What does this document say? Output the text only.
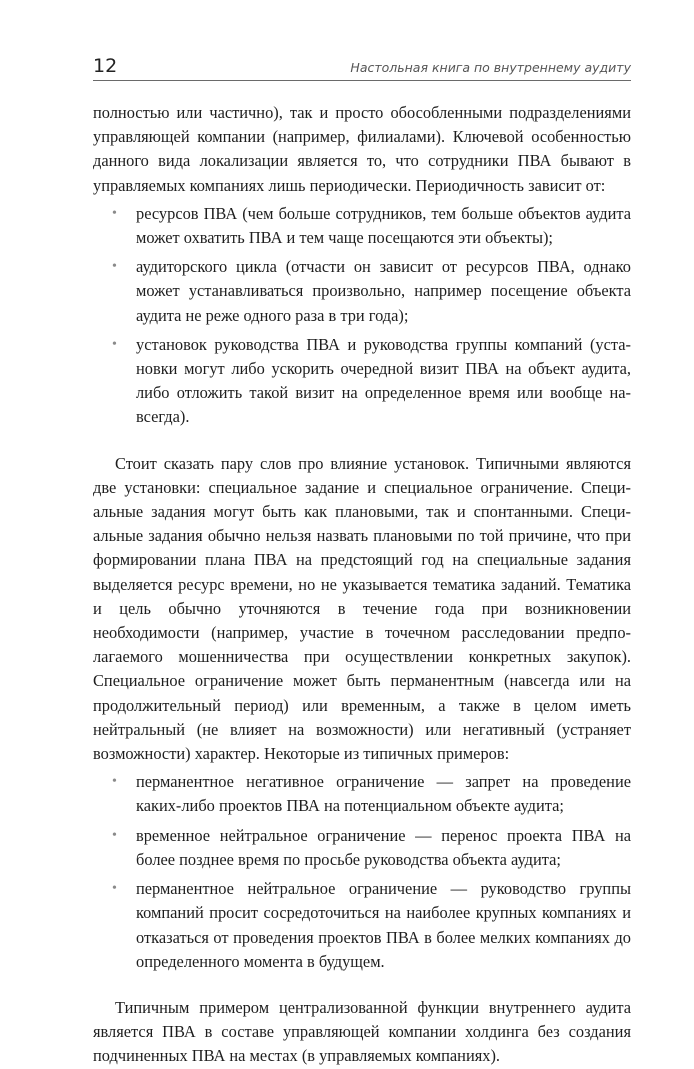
12	Настольная книга по внутреннему аудиту

полностью или частично), так и просто обособленными подразделениями управляющей компании (например, филиалами). Ключевой особенностью данного вида локализации является то, что сотрудники ПВА бывают в управляемых компаниях лишь периодически. Периодичность зависит от:

• ресурсов ПВА (чем больше сотрудников, тем больше объектов аудита может охватить ПВА и тем чаще посещаются эти объекты);
• аудиторского цикла (отчасти он зависит от ресурсов ПВА, однако может устанавливаться произвольно, например посещение объекта аудита не реже одного раза в три года);
• установок руководства ПВА и руководства группы компаний (установки могут либо ускорить очередной визит ПВА на объект аудита, либо отложить такой визит на определенное время или вообще навсегда).

Стоит сказать пару слов про влияние установок. Типичными являются две установки: специальное задание и специальное ограничение. Специальные задания могут быть как плановыми, так и спонтанными. Специальные задания обычно нельзя назвать плановыми по той причине, что при формировании плана ПВА на предстоящий год на специальные задания выделяется ресурс времени, но не указывается тематика заданий. Тематика и цель обычно уточняются в течение года при возникновении необходимости (например, участие в точечном расследовании предполагаемого мошенничества при осуществлении конкретных закупок). Специальное ограничение может быть перманентным (навсегда или на продолжительный период) или временным, а также в целом иметь нейтральный (не влияет на возможности) или негативный (устраняет возможности) характер. Некоторые из типичных примеров:

• перманентное негативное ограничение — запрет на проведение каких-либо проектов ПВА на потенциальном объекте аудита;
• временное нейтральное ограничение — перенос проекта ПВА на более позднее время по просьбе руководства объекта аудита;
• перманентное нейтральное ограничение — руководство группы компаний просит сосредоточиться на наиболее крупных компаниях и отказаться от проведения проектов ПВА в более мелких компаниях до определенного момента в будущем.

Типичным примером централизованной функции внутреннего аудита является ПВА в составе управляющей компании холдинга без создания подчиненных ПВА на местах (в управляемых компаниях).
